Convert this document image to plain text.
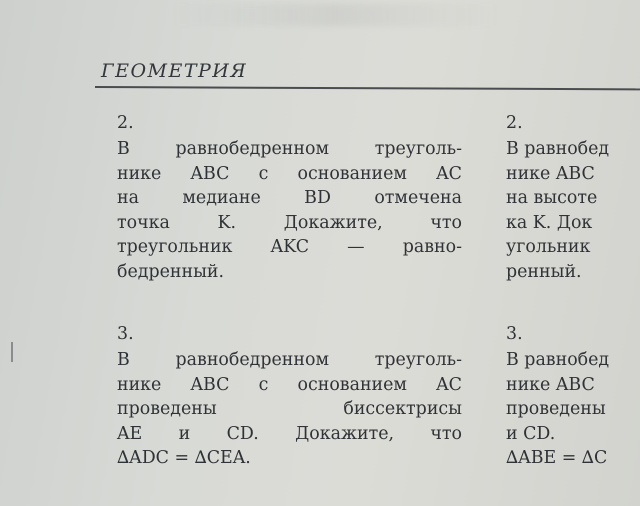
ГЕОМЕТРИЯ
2.
В равнобедренном треуголь-
нике ABC с основанием AC
на медиане BD отмечена
точка K. Докажите, что
треугольник AKC — равно-
бедренный.
3.
В равнобедренном треуголь-
нике ABC с основанием AC
проведены биссектрисы
AE и CD. Докажите, что
∆ADC = ∆CEA.
2.
В равнобед
нике ABC
на высоте
ка K. Док
угольник
ренный.
3.
В равнобед
нике ABC
проведены
и CD.
∆ABE = ∆C
